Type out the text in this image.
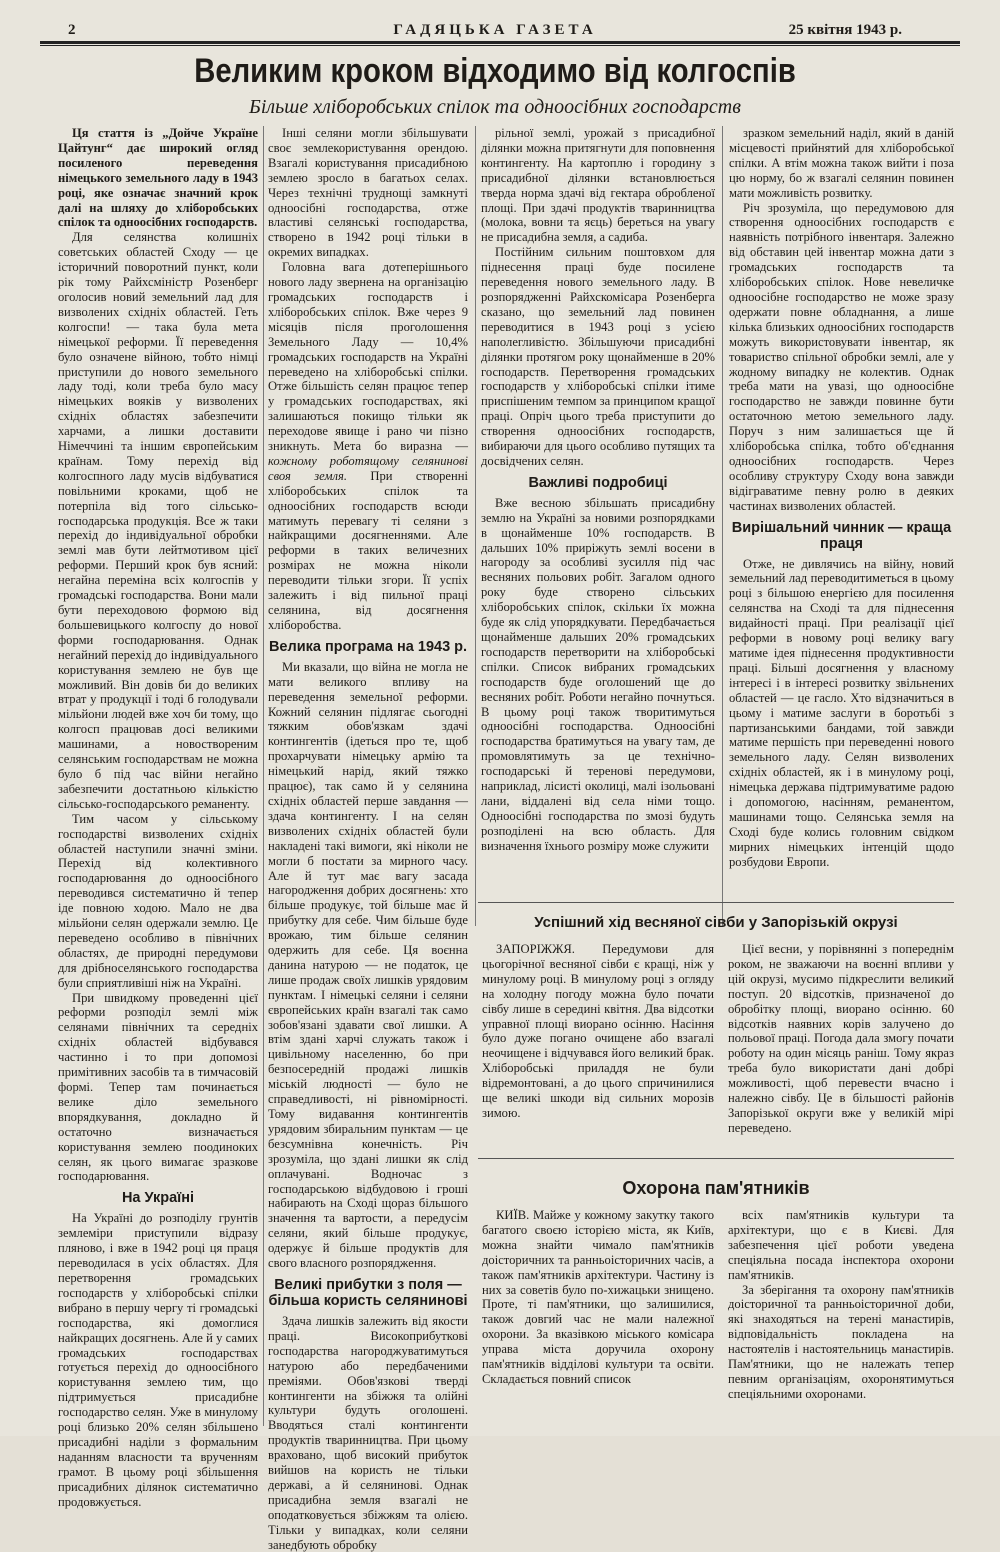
2	ГАДЯЦЬКА ГАЗЕТА	25 квітня 1943 р.
Великим кроком відходимо від колгоспів
Більше хліборобських спілок та одноосібних господарств

Ця стаття із „Дойче Україне Цайтунг“ дає широкий огляд посиленого переведення німецького земельного ладу в 1943 році, яке означає значний крок далі на шляху до хліборобських спілок та одноосібних господарств.

Для селянства колишніх советських областей Сходу — це історичний поворотний пункт, коли рік тому Райхсміністр Розенберг оголосив новий земельний лад для визволених східніх областей. Геть колгоспи! — така була мета німецької реформи. Її переведення було означене війною, тобто німці приступили до нового земельного ладу тоді, коли треба було масу німецьких вояків у визволених східніх областях забезпечити харчами, а лишки доставити Німеччині та іншим європейським країнам. Тому перехід від колгоспного ладу мусів відбуватися повільними кроками, щоб не потерпіла від того сільсько-господарська продукція. Все ж таки перехід до індивідуальної обробки землі мав бути лейтмотивом цієї реформи. Перший крок був ясний: негайна переміна всіх колгоспів у громадські господарства. Вони мали бути переходовою формою від большевицького колгоспу до нової форми господарювання. Однак негайний перехід до індивідуального користування землею не був ще можливий. Він довів би до великих втрат у продукції і тоді б голодували мільйони людей вже хоч би тому, що колгосп працював досі великими машинами, а новоствореним селянським господарствам не можна було б під час війни негайно забезпечити достатньою кількістю сільсько-господарського реманенту.

Тим часом у сільському господарстві визволених східніх областей наступили значні зміни. Перехід від колективного господарювання до одноосібного переводився систематично й тепер іде повною ходою. Мало не два мільйони селян одержали землю. Це переведено особливо в північних областях, де природні передумови для дрібноселянського господарства були сприятливіші ніж на Україні.

При швидкому проведенні цієї реформи розподіл землі між селянами північних та середніх східніх областей відбувався частинно і то при допомозі примітивних засобів та в тимчасовій формі. Тепер там починається велике діло земельного впорядкування, докладно й остаточно визначається користування землею поодиноких селян, як цього вимагає зразкове господарювання.

На Україні

На Україні до розподілу грунтів землеміри приступили відразу пляново, і вже в 1942 році ця праця переводилася в усіх областях. Для перетворення громадських господарств у хліборобські спілки вибрано в першу чергу ті громадські господарства, які домоглися найкращих досягнень. Але й у самих громадських господарствах готується перехід до одноосібного користування землею тим, що підтримується присадибне господарство селян. Уже в минулому році близько 20% селян збільшено присадибні наділи з формальним наданням власности та врученням грамот. В цьому році збільшення присадибних ділянок систематично продовжується.

Інші селяни могли збільшувати своє землекористування орендою. Взагалі користування присадибною землею зросло в багатьох селах. Через технічні труднощі замкнуті одноосібні господарства, отже властиві селянські господарства, створено в 1942 році тільки в окремих випадках.

Головна вага дотеперішнього нового ладу звернена на організацію громадських господарств і хліборобських спілок. Вже через 9 місяців після проголошення Земельного Ладу — 10,4% громадських господарств на Україні переведено на хліборобські спілки. Отже більшість селян працює тепер у громадських господарствах, які залишаються покищо тільки як переходове явище і рано чи пізно зникнуть. Мета бо виразна — кожному роботящому селянинові своя земля. При створенні хліборобських спілок та одноосібних господарств всюди матимуть перевагу ті селяни з найкращими досягненнями. Але реформи в таких величезних розмірах не можна ніколи переводити тільки згори. Її успіх залежить і від пильної праці селянина, від досягнення хліборобства.

Велика програма на 1943 р.

Ми вказали, що війна не могла не мати великого впливу на переведення земельної реформи. Кожний селянин підлягає сьогодні тяжким обов'язкам здачі контингентів (ідеться про те, щоб прохарчувати німецьку армію та німецький нарід, який тяжко працює), так само й у селянина східніх областей перше завдання — здача контингенту. І на селян визволених східніх областей були накладені такі вимоги, які ніколи не могли б постати за мирного часу. Але й тут має вагу засада нагородження добрих досягнень: хто більше продукує, той більше має й прибутку для себе. Чим більше буде врожаю, тим більше селянин одержить для себе. Ця воєнна данина натурою — не податок, це лише продаж своїх лишків урядовим пунктам. І німецькі селяни і селяни європейських країн взагалі так само зобов'язані здавати свої лишки. А втім здані харчі служать також і цивільному населенню, бо при безпосередній продажі лишків міській людності — було не справедливості, ні рівномірності. Тому видавання контингентів урядовим збиральним пунктам — це безсумнівна конечність. Річ зрозуміла, що здані лишки як слід оплачувані. Водночас з господарською відбудовою і гроші набирають на Сході щораз більшого значення та вартости, а передусім селяни, який більше продукує, одержує й більше продуктів для свого власного розпорядження.

Великі прибутки з поля — більша користь селянинові

Здача лишків залежить від якости праці. Високоприбуткові господарства нагороджуватимуться натурою або передбаченими преміями. Обов'язкові тверді контингенти на збіжжя та олійні культури будуть оголошені. Вводяться сталі контингенти продуктів тваринництва. При цьому враховано, щоб високий прибуток вийшов на користь не тільки державі, а й селянинові. Однак присадибна земля взагалі не оподатковується збіжжям та олією. Тільки у випадках, коли селяни занедбують обробку

рільної землі, урожай з присадибної ділянки можна притягнути для поповнення контингенту. На картоплю і городину з присадибної ділянки встановлюється тверда норма здачі від гектара обробленої площі. При здачі продуктів тваринництва (молока, вовни та яєць) береться на увагу не присадибна земля, а садиба.

Постійним сильним поштовхом для піднесення праці буде посилене переведення нового земельного ладу. В розпорядженні Райхскомісара Розенберга сказано, що земельний лад повинен переводитися в 1943 році з усією наполегливістю. Збільшуючи присадибні ділянки протягом року щонайменше в 20% господарств. Перетворення громадських господарств у хліборобські спілки ітиме приспішеним темпом за принципом кращої праці. Опріч цього треба приступити до створення одноосібних господарств, вибираючи для цього особливо путящих та досвідчених селян.

Важливі подробиці

Вже весною збільшать присадибну землю на Україні за новими розпорядками в щонайменше 10% господарств. В дальших 10% приріжуть землі восени в нагороду за особливі зусилля під час весняних польових робіт. Загалом одного року буде створено сільських хліборобських спілок, скільки їх можна буде як слід упорядкувати. Передбачається щонайменше дальших 20% громадських господарств перетворити на хліборобські спілки. Список вибраних громадських господарств буде оголошений ще до весняних робіт. Роботи негайно почнуться. В цьому році також творитимуться одноосібні господарства. Одноосібні господарства братимуться на увагу там, де промовлятимуть за це технічно-господарські й теренові передумови, наприклад, лісисті околиці, малі ізольовані лани, віддалені від села німи тощо. Одноосібні господарства по змозі будуть розподілені на всю область. Для визначення їхнього розміру може служити

зразком земельний наділ, який в даній місцевості прийнятий для хліборобської спілки. А втім можна також вийти і поза цю норму, бо ж взагалі селянин повинен мати можливість розвитку.

Річ зрозуміла, що передумовою для створення одноосібних господарств є наявність потрібного інвентаря. Залежно від обставин цей інвентар можна дати з громадських господарств та хліборобських спілок. Нове невеличке одноосібне господарство не може зразу одержати повне обладнання, а лише кілька близьких одноосібних господарств можуть використовувати інвентар, як товариство спільної обробки землі, але у жодному випадку не колектив. Однак треба мати на увазі, що одноосібне господарство не завжди повинне бути остаточною метою земельного ладу. Поруч з ним залишається ще й хліборобська спілка, тобто об'єднання одноосібних господарств. Через особливу структуру Сходу вона завжди відіграватиме певну ролю в деяких частинах визволених областей.

Вирішальний чинник — краща праця

Отже, не дивлячись на війну, новий земельний лад переводитиметься в цьому році з більшою енергією для посилення селянства на Сході та для піднесення видайності праці. При реалізації цієї реформи в новому році велику вагу матиме ідея піднесення продуктивности праці. Більші досягнення у власному інтересі і в інтересі розвитку звільнених областей — це гасло. Хто відзначиться в цьому і матиме заслуги в боротьбі з партизанськими бандами, той завжди матиме першість при переведенні нового земельного ладу. Селян визволених східніх областей, як і в минулому році, німецька держава підтримуватиме радою і допомогою, насінням, реманентом, машинами тощо. Селянська земля на Сході буде колись головним свідком мирних німецьких інтенцій щодо розбудови Европи.

Успішний хід весняної сівби у Запорізькій окрузі

ЗАПОРІЖЖЯ. Передумови для цьогорічної весняної сівби є кращі, ніж у минулому році. В минулому році з огляду на холодну погоду можна було почати сівбу лише в середині квітня. Два відсотки управної площі виорано осінню. Насіння було дуже погано очищене або взагалі неочищене і відчувався його великий брак. Хліборобські приладдя не були відремонтовані, а до цього спричинилися ще великі шкоди від сильних морозів зимою.

Цієї весни, у порівнянні з попереднім роком, не зважаючи на воєнні впливи у цій окрузі, мусимо підкреслити великий поступ. 20 відсотків, призначеної до обробітку площі, виорано осінню. 60 відсотків наявних корів залучено до польової праці. Погода дала змогу почати роботу на один місяць раніш. Тому якраз треба було використати дані добрі можливості, щоб перевести вчасно і належно сівбу. Це в більшості районів Запорізької округи вже у великій мірі переведено.

Охорона пам'ятників

КИЇВ. Майже у кожному закутку такого багатого своєю історією міста, як Київ, можна знайти чимало пам'ятників доісторичних та ранньоісторичних часів, а також пам'ятників архітектури. Частину із них за советів було по-хижацьки знищено. Проте, ті пам'ятники, що залишилися, також довгий час не мали належної охорони. За вказівкою міського комісара управа міста доручила охорону пам'ятників відділові культури та освіти. Складається повний список

всіх пам'ятників культури та архітектури, що є в Києві. Для забезпечення цієї роботи уведена спеціяльна посада інспектора охорони пам'ятників.

За зберігання та охорону пам'ятників доісторичної та ранньоісторичної доби, які знаходяться на терені манастирів, відповідальність покладена на настоятелів і настоятельниць манастирів. Пам'ятники, що не належать тепер певним організаціям, охоронятимуться спеціяльними охоронами.
